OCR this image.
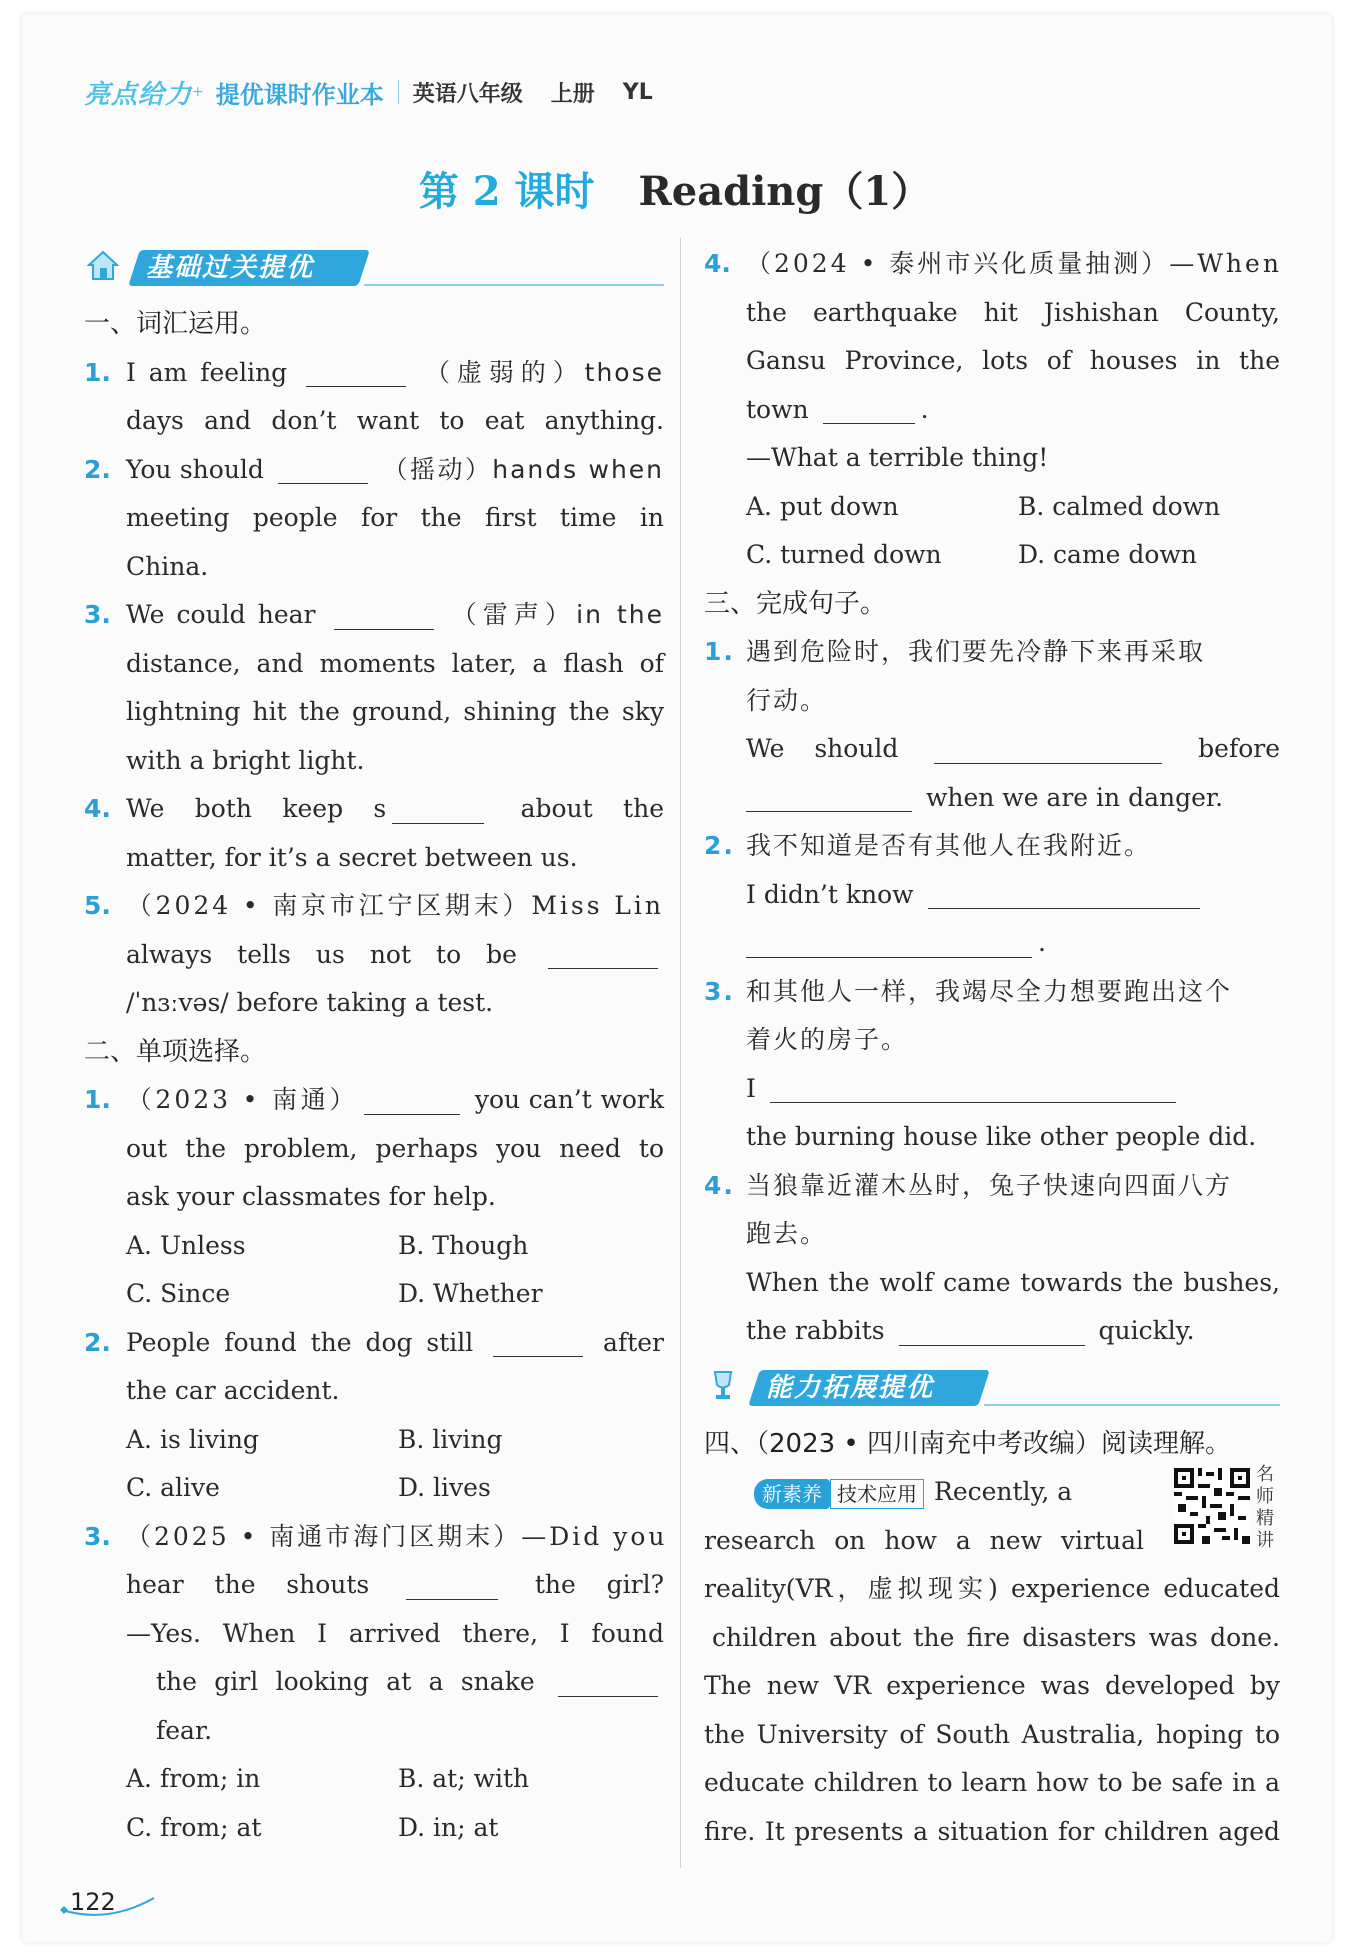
亮点给力 + 提优课时作业本 英语八年级 上册 YL
第 2 课时 Reading（1）
基础过关提优
一、词汇运用。
1. I am feeling	（虚弱的）those
days and don’t want to eat anything.
2. You should	（摇动）hands when
meeting people for the first time in
China.
3. We could hear	（雷声）in the
distance, and moments later, a flash of
lightning hit the ground, shining the sky
with a bright light.
4. We both keep s	about the
matter, for it’s a secret between us.
5. （2024 • 南京市江宁区期末）Miss Lin
always tells us not to be
/ˈnɜːvəs/ before taking a test.
二、单项选择。
1. （2023 • 南通）	you can’t work
out the problem, perhaps you need to
ask your classmates for help.
A. Unless	B. Though
C. Since	D. Whether
2. People found the dog still	after
the car accident.
A. is living	B. living
C. alive	D. lives
3. （2025 • 南通市海门区期末）—Did you
hear the shouts	the girl?
—Yes. When I arrived there, I found
the girl looking at a snake
fear.
A. from; in	B. at; with
C. from; at	D. in; at
4. （2024 • 泰州市兴化质量抽测）—When
the earthquake hit Jishishan County,
Gansu Province, lots of houses in the
town	.
—What a terrible thing!
A. put down	B. calmed down
C. turned down	D. came down
三、完成句子。
1. 遇到危险时，我们要先冷静下来再采取
行动。
We should	before
when we are in danger.
2. 我不知道是否有其他人在我附近。
I didn’t know
.
3. 和其他人一样，我竭尽全力想要跑出这个
着火的房子。
I
the burning house like other people did.
4. 当狼靠近灌木丛时，兔子快速向四面八方
跑去。
When the wolf came towards the bushes,
the rabbits	quickly.
能力拓展提优
四、（2023 • 四川南充中考改编）阅读理解。
名
师
精
讲
新素养 技术应用 Recently, a
research on how a new virtual
reality(VR，虚拟现实) experience educated
children about the fire disasters was done.
The new VR experience was developed by
the University of South Australia, hoping to
educate children to learn how to be safe in a
fire. It presents a situation for children aged
122
